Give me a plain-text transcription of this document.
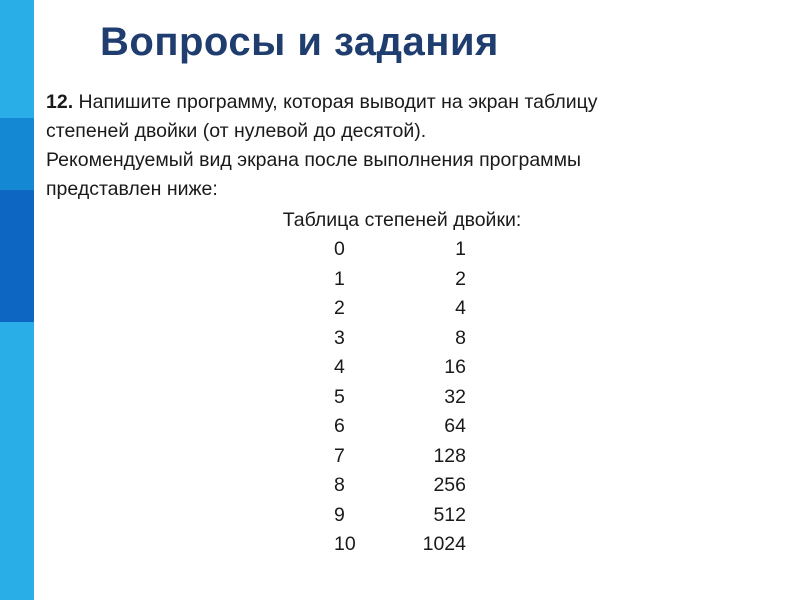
Вопросы и задания
12. Напишите программу, которая выводит на экран таблицу
степеней двойки (от нулевой до десятой).
Рекомендуемый вид экрана после выполнения программы
представлен ниже:
Таблица степеней двойки:
0	1
1	2
2	4
3	8
4	16
5	32
6	64
7	128
8	256
9	512
10	1024
